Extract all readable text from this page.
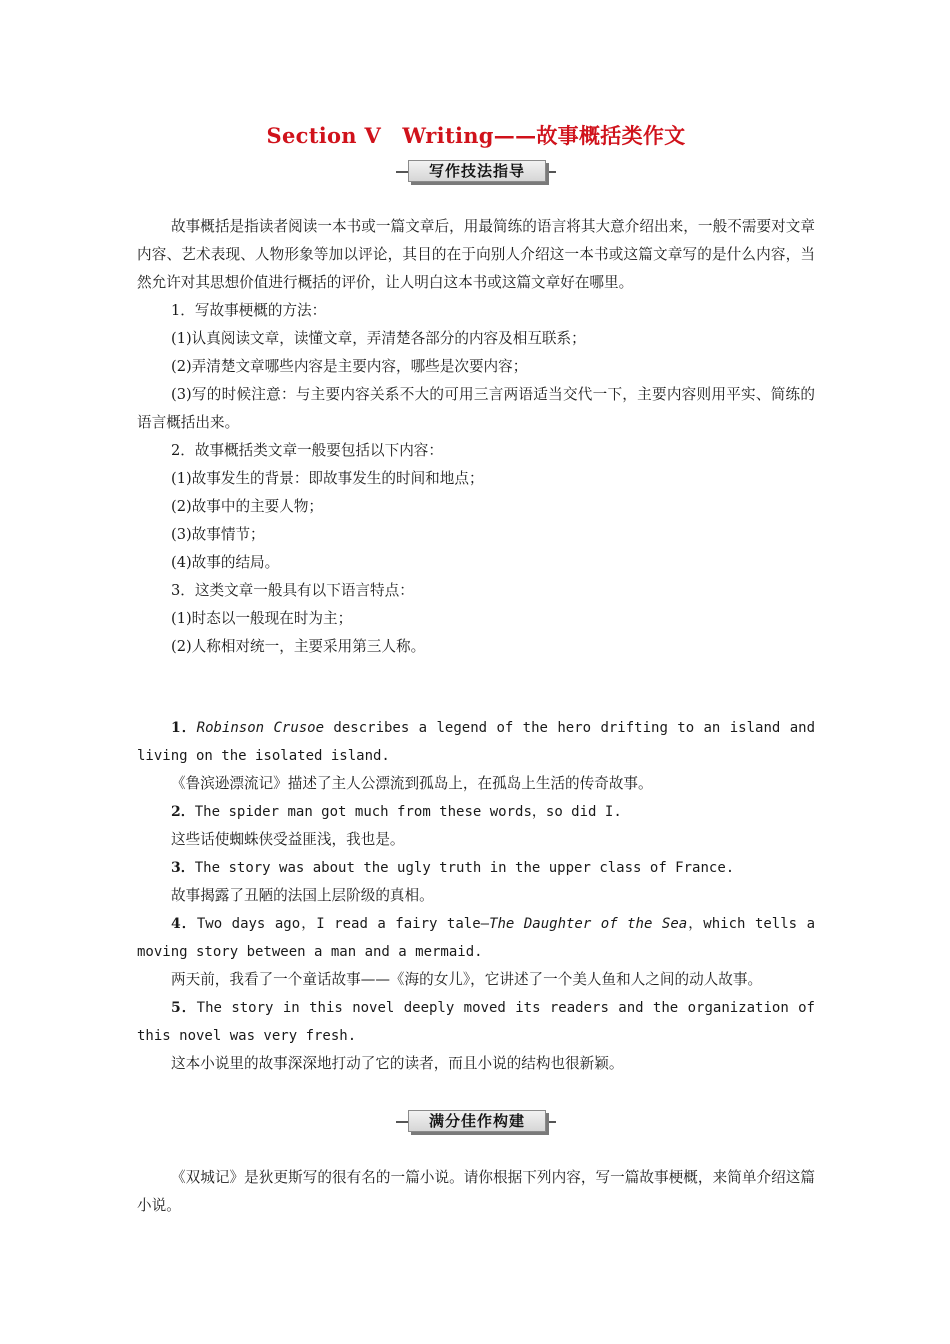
Section Ⅴ　Writing——故事概括类作文
写作技法指导

故事概括是指读者阅读一本书或一篇文章后，用最简练的语言将其大意介绍出来，一般不需要对文章内容、艺术表现、人物形象等加以评论，其目的在于向别人介绍这一本书或这篇文章写的是什么内容，当然允许对其思想价值进行概括的评价，让人明白这本书或这篇文章好在哪里。

1．写故事梗概的方法：

(1)认真阅读文章，读懂文章，弄清楚各部分的内容及相互联系；

(2)弄清楚文章哪些内容是主要内容，哪些是次要内容；

(3)写的时候注意：与主要内容关系不大的可用三言两语适当交代一下，主要内容则用平实、简练的语言概括出来。

2．故事概括类文章一般要包括以下内容：

(1)故事发生的背景：即故事发生的时间和地点；

(2)故事中的主要人物；

(3)故事情节；

(4)故事的结局。

3．这类文章一般具有以下语言特点：

(1)时态以一般现在时为主；

(2)人称相对统一，主要采用第三人称。

1．Robinson Crusoe describes a legend of the hero drifting to an island and living on the isolated island.

《鲁滨逊漂流记》描述了主人公漂流到孤岛上，在孤岛上生活的传奇故事。

2．The spider man got much from these words，so did I.

这些话使蜘蛛侠受益匪浅，我也是。

3．The story was about the ugly truth in the upper class of France.

故事揭露了丑陋的法国上层阶级的真相。

4．Two days ago，I read a fairy tale—The Daughter of the Sea，which tells a moving story between a man and a mermaid.

两天前，我看了一个童话故事——《海的女儿》，它讲述了一个美人鱼和人之间的动人故事。

5．The story in this novel deeply moved its readers and the organization of this novel was very fresh.

这本小说里的故事深深地打动了它的读者，而且小说的结构也很新颖。

满分佳作构建

《双城记》是狄更斯写的很有名的一篇小说。请你根据下列内容，写一篇故事梗概，来简单介绍这篇小说。
